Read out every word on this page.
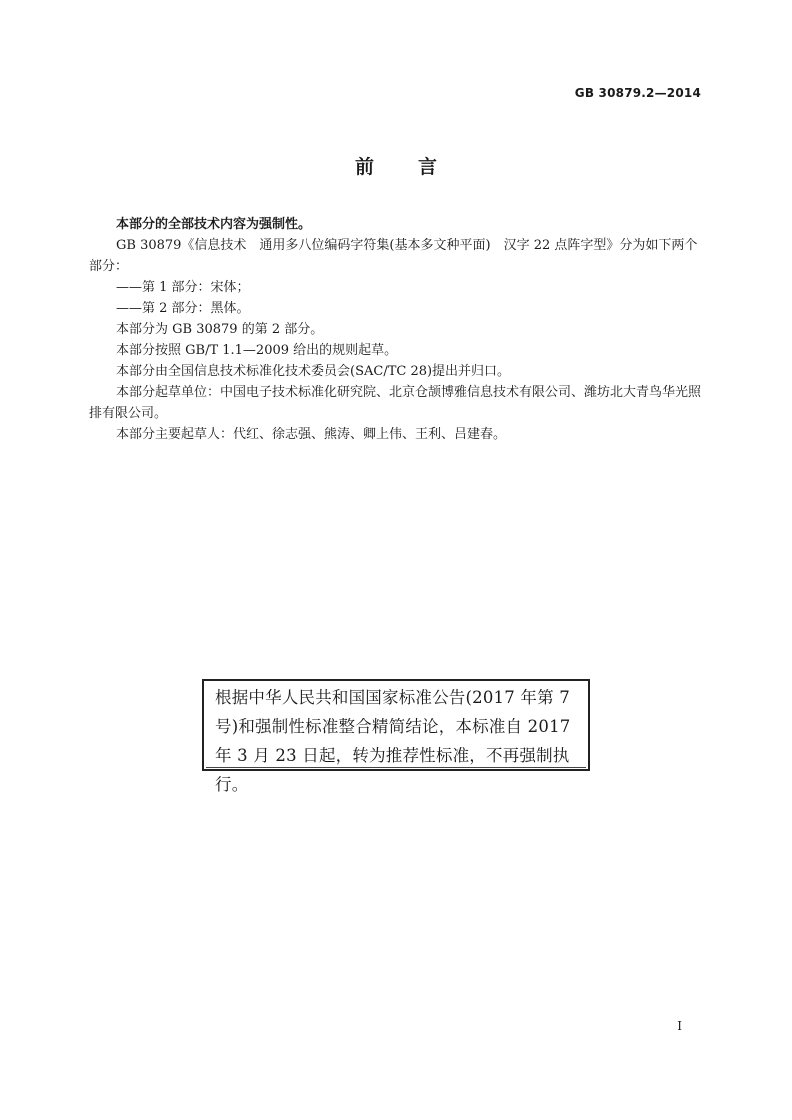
GB 30879.2—2014
前言

本部分的全部技术内容为强制性。

GB 30879《信息技术　通用多八位编码字符集(基本多文种平面)　汉字 22 点阵字型》分为如下两个部分：

——第 1 部分：宋体；

——第 2 部分：黑体。

本部分为 GB 30879 的第 2 部分。

本部分按照 GB/T 1.1—2009 给出的规则起草。

本部分由全国信息技术标准化技术委员会(SAC/TC 28)提出并归口。

本部分起草单位：中国电子技术标准化研究院、北京仓颉博雅信息技术有限公司、潍坊北大青鸟华光照排有限公司。

本部分主要起草人：代红、徐志强、熊涛、卿上伟、王利、吕建春。

根据中华人民共和国国家标准公告(2017 年第 7 号)和强制性标准整合精简结论，本标准自 2017 年 3 月 23 日起，转为推荐性标准，不再强制执行。
I
